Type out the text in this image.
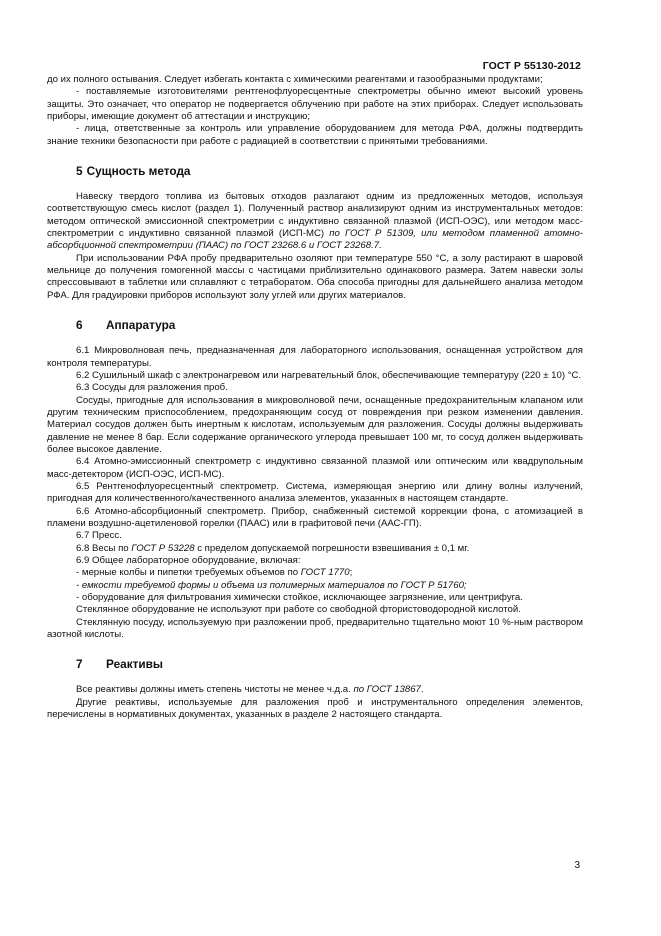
ГОСТ Р 55130-2012

до их полного остывания. Следует избегать контакта с химическими реагентами и газообразными продуктами;

- поставляемые изготовителями рентгенофлуоресцентные спектрометры обычно имеют высокий уровень защиты. Это означает, что оператор не подвергается облучению при работе на этих приборах. Следует использовать приборы, имеющие документ об аттестации и инструкцию;

- лица, ответственные за контроль или управление оборудованием для метода РФА, должны подтвердить знание техники безопасности при работе с радиацией в соответствии с принятыми требованиями.

5 Сущность метода

Навеску твердого топлива из бытовых отходов разлагают одним из предложенных методов, используя соответствующую смесь кислот (раздел 1). Полученный раствор анализируют одним из инструментальных методов: методом оптической эмиссионной спектрометрии с индуктивно связанной плазмой (ИСП-ОЭС), или методом масс-спектрометрии с индуктивно связанной плазмой (ИСП-МС) по ГОСТ Р 51309, или методом пламенной атомно-абсорбционной спектрометрии (ПААС) по ГОСТ 23268.6 и ГОСТ 23268.7.

При использовании РФА пробу предварительно озоляют при температуре 550 °С, а золу растирают в шаровой мельнице до получения гомогенной массы с частицами приблизительно одинакового размера. Затем навески золы спрессовывают в таблетки или сплавляют с тетраборатом. Оба способа пригодны для дальнейшего анализа методом РФА. Для градуировки приборов используют золу углей или других материалов.

6 Аппаратура

6.1 Микроволновая печь, предназначенная для лабораторного использования, оснащенная устройством для контроля температуры.

6.2 Сушильный шкаф с электронагревом или нагревательный блок, обеспечивающие температуру (220 ± 10) °С.

6.3 Сосуды для разложения проб.

Сосуды, пригодные для использования в микроволновой печи, оснащенные предохранительным клапаном или другим техническим приспособлением, предохраняющим сосуд от повреждения при резком изменении давления. Материал сосудов должен быть инертным к кислотам, используемым для разложения. Сосуды должны выдерживать давление не менее 8 бар. Если содержание органического углерода превышает 100 мг, то сосуд должен выдерживать более высокое давление.

6.4 Атомно-эмиссионный спектрометр с индуктивно связанной плазмой или оптическим или квадрупольным масс-детектором (ИСП-ОЭС, ИСП-МС).

6.5 Рентгенофлуоресцентный спектрометр. Система, измеряющая энергию или длину волны излучений, пригодная для количественного/качественного анализа элементов, указанных в настоящем стандарте.

6.6 Атомно-абсорбционный спектрометр. Прибор, снабженный системой коррекции фона, с атомизацией в пламени воздушно-ацетиленовой горелки (ПААС) или в графитовой печи (ААС-ГП).

6.7 Пресс.

6.8 Весы по ГОСТ Р 53228 с пределом допускаемой погрешности взвешивания ± 0,1 мг.

6.9 Общее лабораторное оборудование, включая:

- мерные колбы и пипетки требуемых объемов по ГОСТ 1770;

- емкости требуемой формы и объема из полимерных материалов по ГОСТ Р 51760;

- оборудование для фильтрования химически стойкое, исключающее загрязнение, или центрифуга.

Стеклянное оборудование не используют при работе со свободной фтористоводородной кислотой.

Стеклянную посуду, используемую при разложении проб, предварительно тщательно моют 10 %-ным раствором азотной кислоты.

7 Реактивы

Все реактивы должны иметь степень чистоты не менее ч.д.а. по ГОСТ 13867.

Другие реактивы, используемые для разложения проб и инструментального определения элементов, перечислены в нормативных документах, указанных в разделе 2 настоящего стандарта.

3
